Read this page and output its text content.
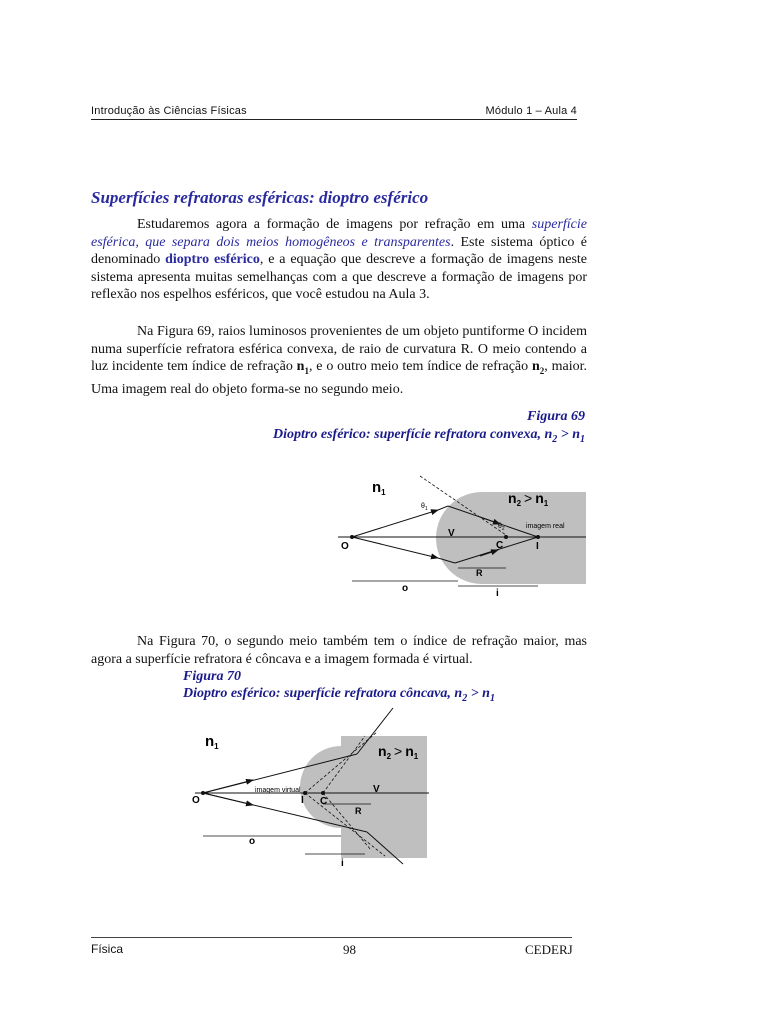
Introdução às Ciências Físicas	Módulo 1 – Aula 4
Superfícies refratoras esféricas: dioptro esférico
Estudaremos agora a formação de imagens por refração em uma superfície esférica, que separa dois meios homogêneos e transparentes. Este sistema óptico é denominado dioptro esférico, e a equação que descreve a formação de imagens neste sistema apresenta muitas semelhanças com a que descreve a formação de imagens por reflexão nos espelhos esféricos, que você estudou na Aula 3.
Na Figura 69, raios luminosos provenientes de um objeto puntiforme O incidem numa superfície refratora esférica convexa, de raio de curvatura R. O meio contendo a luz incidente tem índice de refração $n_1$, e o outro meio tem índice de refração $n_2$, maior. Uma imagem real do objeto forma-se no segundo meio.
Figura 69
Dioptro esférico: superfície refratora convexa, $n_2 > n_1$
$n_1$	$n_2 > n_1$
$\theta_1$
$\theta_2$	imagem real
O
V
C	I
R
o	i
Na Figura 70, o segundo meio também tem o índice de refração maior, mas agora a superfície refratora é côncava e a imagem formada é virtual.
Figura 70
Dioptro esférico: superfície refratora côncava, $n_2 > n_1$
$n_1$	$n_2 > n_1$
imagem virtual
O	I C
V
R
o
i
Física	98	CEDERJ
